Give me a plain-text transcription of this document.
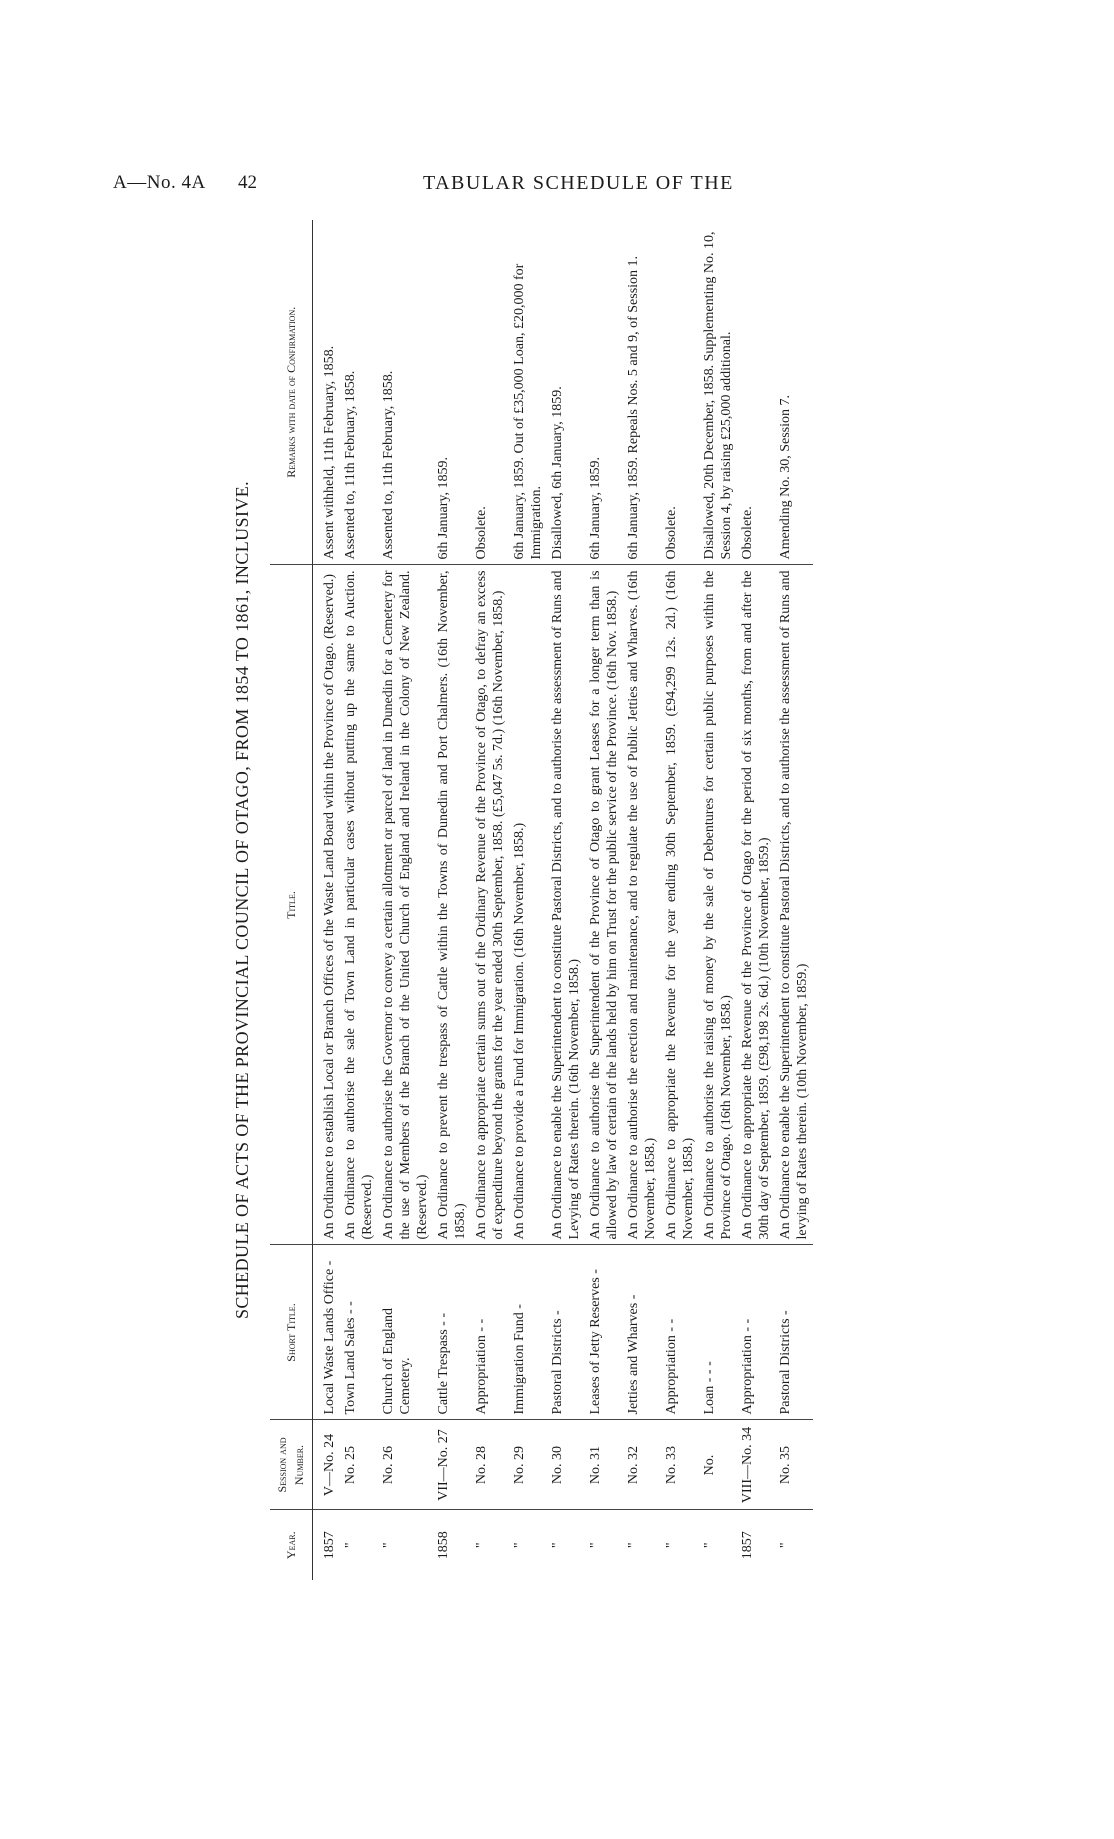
A—No. 4A 42	TABULAR SCHEDULE OF THE
SCHEDULE OF ACTS OF THE PROVINCIAL COUNCIL OF OTAGO, FROM 1854 TO 1861, INCLUSIVE.
Year.	Session and Number.	Short Title.	Title.	Remarks with date of Confirmation.
1857	V—No. 24	Local Waste Lands Office -	An Ordinance to establish Local or Branch Offices of the Waste Land Board within the Province of Otago. (Reserved.)	Assent withheld, 11th February, 1858.
"	No. 25	Town Land Sales - -	An Ordinance to authorise the sale of Town Land in particular cases without putting up the same to Auction. (Reserved.)	Assented to, 11th February, 1858.
"	No. 26	Church of England Cemetery.	An Ordinance to authorise the Governor to convey a certain allotment or parcel of land in Dunedin for a Cemetery for the use of Members of the Branch of the United Church of England and Ireland in the Colony of New Zealand. (Reserved.)	Assented to, 11th February, 1858.
1858	VII—No. 27	Cattle Trespass - -	An Ordinance to prevent the trespass of Cattle within the Towns of Dunedin and Port Chalmers. (16th November, 1858.)	6th January, 1859.
"	No. 28	Appropriation - -	An Ordinance to appropriate certain sums out of the Ordinary Revenue of the Province of Otago, to defray an excess of expenditure beyond the grants for the year ended 30th September, 1858. (£5,047 5s. 7d.) (16th November, 1858.)	Obsolete.
"	No. 29	Immigration Fund -	An Ordinance to provide a Fund for Immigration. (16th November, 1858.)	6th January, 1859. Out of £35,000 Loan, £20,000 for Immigration.
"	No. 30	Pastoral Districts -	An Ordinance to enable the Superintendent to constitute Pastoral Districts, and to authorise the assessment of Runs and Levying of Rates therein. (16th November, 1858.)	Disallowed, 6th January, 1859.
"	No. 31	Leases of Jetty Reserves -	An Ordinance to authorise the Superintendent of the Province of Otago to grant Leases for a longer term than is allowed by law of certain of the lands held by him on Trust for the public service of the Province. (16th Nov. 1858.)	6th January, 1859.
"	No. 32	Jetties and Wharves -	An Ordinance to authorise the erection and maintenance, and to regulate the use of Public Jetties and Wharves. (16th November, 1858.)	6th January, 1859. Repeals Nos. 5 and 9, of Session 1.
"	No. 33	Appropriation - -	An Ordinance to appropriate the Revenue for the year ending 30th September, 1859. (£94,299 12s. 2d.) (16th November, 1858.)	Obsolete.
"	No.	Loan - - -	An Ordinance to authorise the raising of money by the sale of Debentures for certain public purposes within the Province of Otago. (16th November, 1858.)	Disallowed, 20th December, 1858. Supplementing No. 10, Session 4, by raising £25,000 additional.
1857	VIII—No. 34	Appropriation - -	An Ordinance to appropriate the Revenue of the Province of Otago for the period of six months, from and after the 30th day of September, 1859. (£98,198 2s. 6d.) (10th November, 1859.)	Obsolete.
"	No. 35	Pastoral Districts -	An Ordinance to enable the Superintendent to constitute Pastoral Districts, and to authorise the assessment of Runs and levying of Rates therein. (10th November, 1859.)	Amending No. 30, Session 7.
